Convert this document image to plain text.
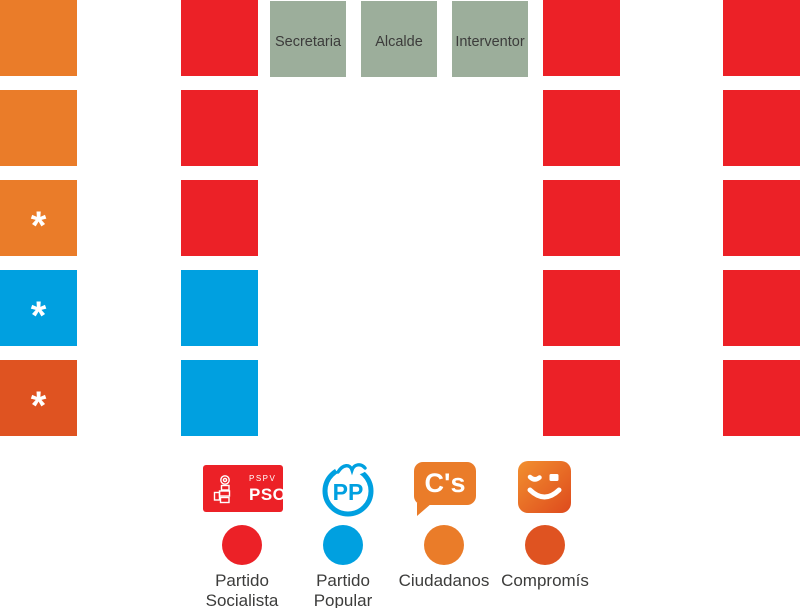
*
*
*
Secretaria Alcalde Interventor
PSPV
PSOE PP C's
Partido
Socialista
Partido
Popular
Ciudadanos Compromís
